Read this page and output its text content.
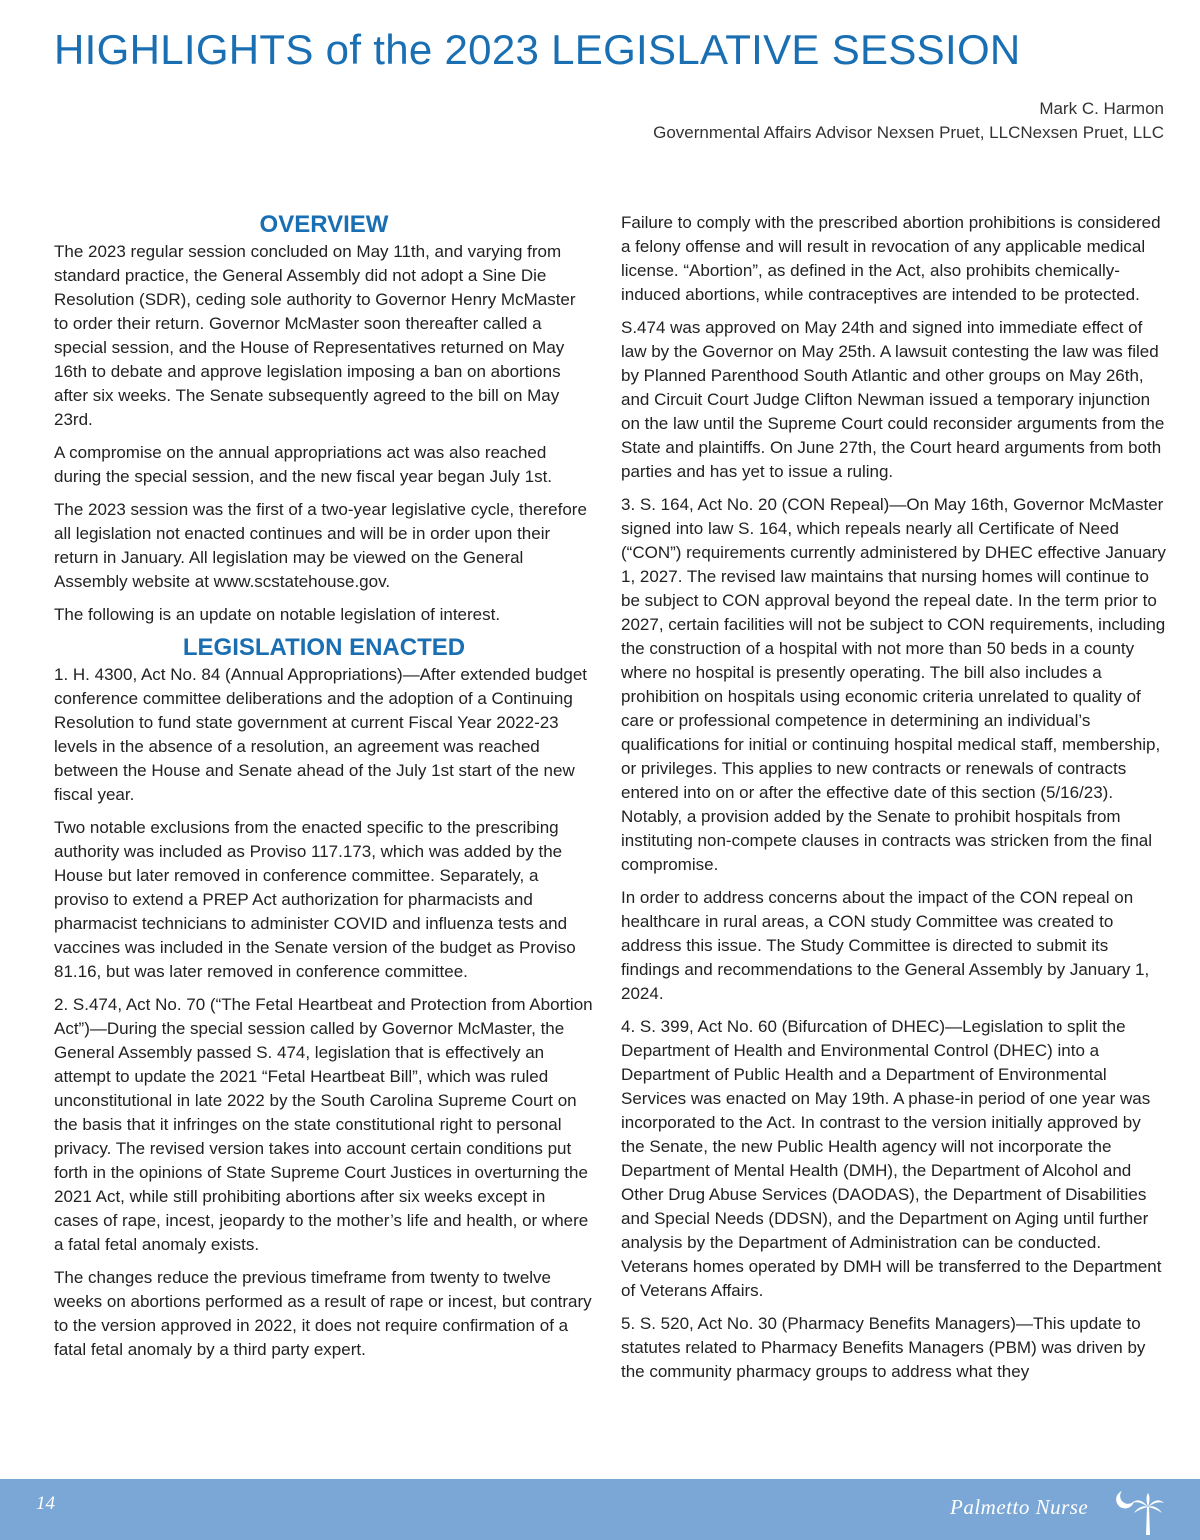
HIGHLIGHTS of the 2023 LEGISLATIVE SESSION
Mark C. Harmon
Governmental Affairs Advisor Nexsen Pruet, LLCNexsen Pruet, LLC
OVERVIEW

The 2023 regular session concluded on May 11th, and varying from standard practice, the General Assembly did not adopt a Sine Die Resolution (SDR), ceding sole authority to Governor Henry McMaster to order their return. Governor McMaster soon thereafter called a special session, and the House of Representatives returned on May 16th to debate and approve legislation imposing a ban on abortions after six weeks. The Senate subsequently agreed to the bill on May 23rd.

A compromise on the annual appropriations act was also reached during the special session, and the new fiscal year began July 1st.

The 2023 session was the first of a two-year legislative cycle, therefore all legislation not enacted continues and will be in order upon their return in January. All legislation may be viewed on the General Assembly website at www.scstatehouse.gov.

The following is an update on notable legislation of interest.

LEGISLATION ENACTED

1. H. 4300, Act No. 84 (Annual Appropriations)—After extended budget conference committee deliberations and the adoption of a Continuing Resolution to fund state government at current Fiscal Year 2022-23 levels in the absence of a resolution, an agreement was reached between the House and Senate ahead of the July 1st start of the new fiscal year.

Two notable exclusions from the enacted specific to the prescribing authority was included as Proviso 117.173, which was added by the House but later removed in conference committee. Separately, a proviso to extend a PREP Act authorization for pharmacists and pharmacist technicians to administer COVID and influenza tests and vaccines was included in the Senate version of the budget as Proviso 81.16, but was later removed in conference committee.

2. S.474, Act No. 70 (“The Fetal Heartbeat and Protection from Abortion Act”)—During the special session called by Governor McMaster, the General Assembly passed S. 474, legislation that is effectively an attempt to update the 2021 “Fetal Heartbeat Bill”, which was ruled unconstitutional in late 2022 by the South Carolina Supreme Court on the basis that it infringes on the state constitutional right to personal privacy. The revised version takes into account certain conditions put forth in the opinions of State Supreme Court Justices in overturning the 2021 Act, while still prohibiting abortions after six weeks except in cases of rape, incest, jeopardy to the mother’s life and health, or where a fatal fetal anomaly exists.

The changes reduce the previous timeframe from twenty to twelve weeks on abortions performed as a result of rape or incest, but contrary to the version approved in 2022, it does not require confirmation of a fatal fetal anomaly by a third party expert.

Failure to comply with the prescribed abortion prohibitions is considered a felony offense and will result in revocation of any applicable medical license. “Abortion”, as defined in the Act, also prohibits chemically-induced abortions, while contraceptives are intended to be protected.

S.474 was approved on May 24th and signed into immediate effect of law by the Governor on May 25th. A lawsuit contesting the law was filed by Planned Parenthood South Atlantic and other groups on May 26th, and Circuit Court Judge Clifton Newman issued a temporary injunction on the law until the Supreme Court could reconsider arguments from the State and plaintiffs. On June 27th, the Court heard arguments from both parties and has yet to issue a ruling.

3. S. 164, Act No. 20 (CON Repeal)—On May 16th, Governor McMaster signed into law S. 164, which repeals nearly all Certificate of Need (“CON”) requirements currently administered by DHEC effective January 1, 2027. The revised law maintains that nursing homes will continue to be subject to CON approval beyond the repeal date. In the term prior to 2027, certain facilities will not be subject to CON requirements, including the construction of a hospital with not more than 50 beds in a county where no hospital is presently operating. The bill also includes a prohibition on hospitals using economic criteria unrelated to quality of care or professional competence in determining an individual’s qualifications for initial or continuing hospital medical staff, membership, or privileges. This applies to new contracts or renewals of contracts entered into on or after the effective date of this section (5/16/23). Notably, a provision added by the Senate to prohibit hospitals from instituting non-compete clauses in contracts was stricken from the final compromise.

In order to address concerns about the impact of the CON repeal on healthcare in rural areas, a CON study Committee was created to address this issue. The Study Committee is directed to submit its findings and recommendations to the General Assembly by January 1, 2024.

4. S. 399, Act No. 60 (Bifurcation of DHEC)—Legislation to split the Department of Health and Environmental Control (DHEC) into a Department of Public Health and a Department of Environmental Services was enacted on May 19th. A phase-in period of one year was incorporated to the Act. In contrast to the version initially approved by the Senate, the new Public Health agency will not incorporate the Department of Mental Health (DMH), the Department of Alcohol and Other Drug Abuse Services (DAODAS), the Department of Disabilities and Special Needs (DDSN), and the Department on Aging until further analysis by the Department of Administration can be conducted. Veterans homes operated by DMH will be transferred to the Department of Veterans Affairs.

5. S. 520, Act No. 30 (Pharmacy Benefits Managers)—This update to statutes related to Pharmacy Benefits Managers (PBM) was driven by the community pharmacy groups to address what they

14	Palmetto Nurse
